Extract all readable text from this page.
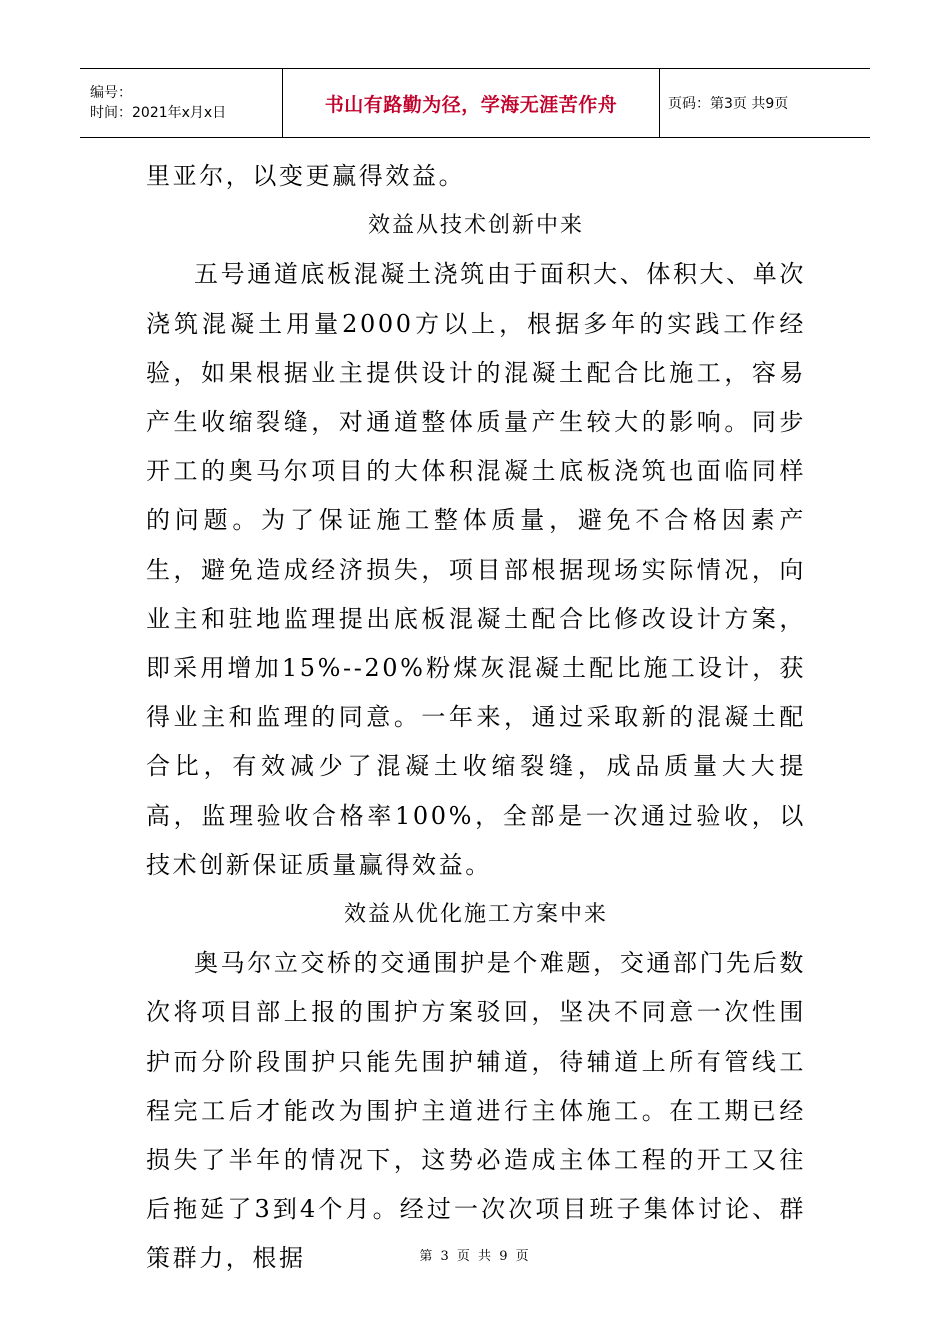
编号：
时间：2021年x月x日	书山有路勤为径，学海无涯苦作舟	页码：第3页 共9页

里亚尔，以变更赢得效益。

效益从技术创新中来

五号通道底板混凝土浇筑由于面积大、体积大、单次浇筑混凝土用量2000方以上，根据多年的实践工作经验，如果根据业主提供设计的混凝土配合比施工，容易产生收缩裂缝，对通道整体质量产生较大的影响。同步开工的奥马尔项目的大体积混凝土底板浇筑也面临同样的问题。为了保证施工整体质量，避免不合格因素产生，避免造成经济损失，项目部根据现场实际情况，向业主和驻地监理提出底板混凝土配合比修改设计方案，即采用增加15%--20%粉煤灰混凝土配比施工设计，获得业主和监理的同意。一年来，通过采取新的混凝土配合比，有效减少了混凝土收缩裂缝，成品质量大大提高，监理验收合格率100%，全部是一次通过验收，以技术创新保证质量赢得效益。

效益从优化施工方案中来

奥马尔立交桥的交通围护是个难题，交通部门先后数次将项目部上报的围护方案驳回，坚决不同意一次性围护而分阶段围护只能先围护辅道，待辅道上所有管线工程完工后才能改为围护主道进行主体施工。在工期已经损失了半年的情况下，这势必造成主体工程的开工又往后拖延了3到4个月。经过一次次项目班子集体讨论、群策群力，根据	第 3 页 共 9 页
